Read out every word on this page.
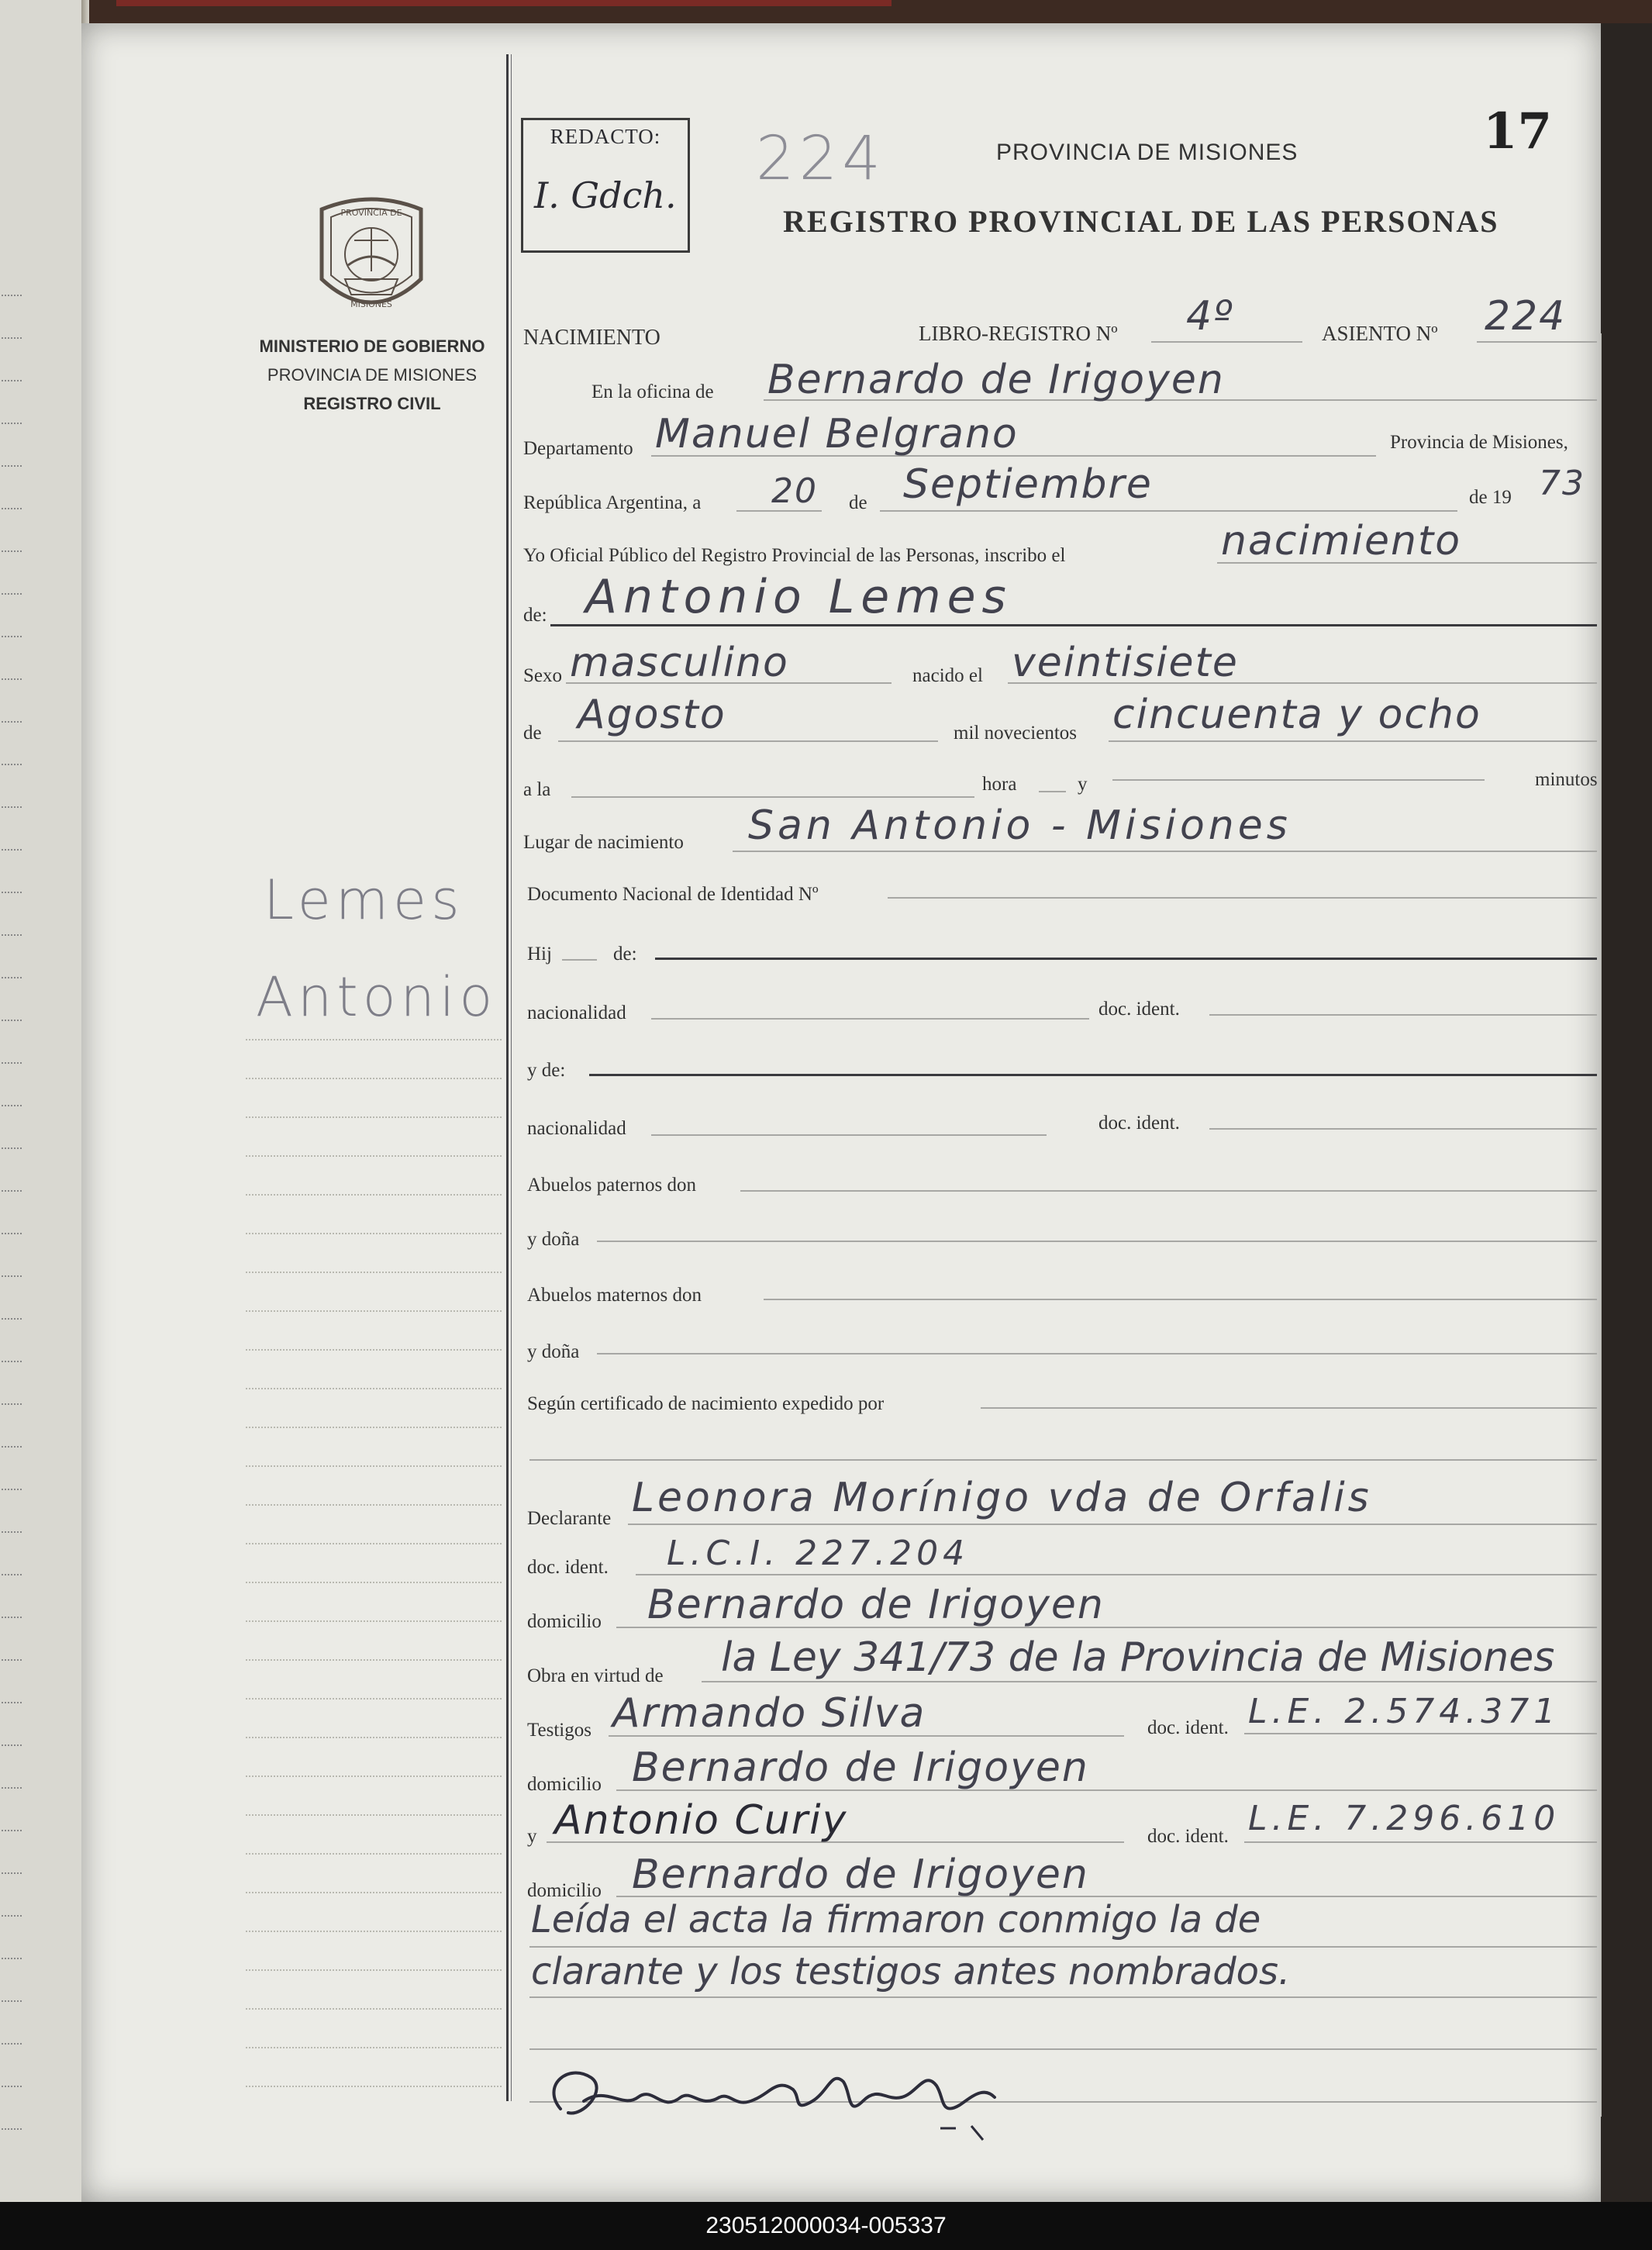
PROVINCIA DE
MISIONES
MINISTERIO DE GOBIERNO
PROVINCIA DE MISIONES
REGISTRO CIVIL
Lemes
Antonio
REDACTO:
I. Gdch.
224	PROVINCIA DE MISIONES	17
REGISTRO PROVINCIAL DE LAS PERSONAS
NACIMIENTO	LIBRO-REGISTRO Nº 4º	ASIENTO Nº 224
En la oficina de Bernardo de Irigoyen
Departamento Manuel Belgrano	Provincia de Misiones,
República Argentina, a 20 de Septiembre	de 19 73
Yo Oficial Público del Registro Provincial de las Personas, inscribo el	nacimiento
de: Antonio Lemes
Sexo masculino	nacido el veintisiete
de Agosto	mil novecientos cincuenta y ocho
a la	hora	y	minutos
Lugar de nacimiento San Antonio - Misiones
Documento Nacional de Identidad Nº
Hij	de:
nacionalidad	doc. ident.
y de:
nacionalidad	doc. ident.
Abuelos paternos don
y doña
Abuelos maternos don
y doña
Según certificado de nacimiento expedido por
Declarante Leonora Morínigo vda de Orfalis
doc. ident. L.C.I. 227.204
domicilio Bernardo de Irigoyen
Obra en virtud de la Ley 341/73 de la Provincia de Misiones
Testigos Armando Silva	doc. ident. L.E. 2.574.371
domicilio Bernardo de Irigoyen
y Antonio Curiy	doc. ident. L.E. 7.296.610
domicilio Bernardo de Irigoyen
Leída el acta la firmaron conmigo la de
clarante y los testigos antes nombrados.
Leonora M. de Orfalis
230512000034-005337
